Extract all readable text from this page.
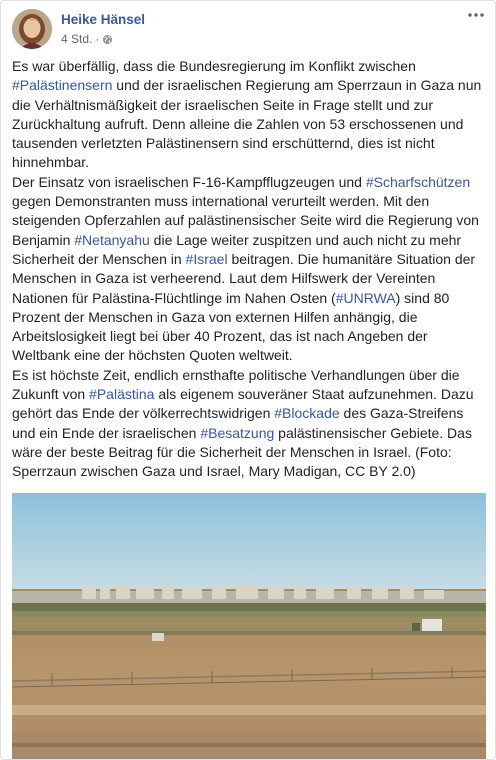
Heike Hänsel
4 Std. ·

Es war überfällig, dass die Bundesregierung im Konflikt zwischen #Palästinensern und der israelischen Regierung am Sperrzaun in Gaza nun die Verhältnismäßigkeit der israelischen Seite in Frage stellt und zur Zurückhaltung aufruft. Denn alleine die Zahlen von 53 erschossenen und tausenden verletzten Palästinensern sind erschütternd, dies ist nicht hinnehmbar.

Der Einsatz von israelischen F-16-Kampfflugzeugen und #Scharfschützen gegen Demonstranten muss international verurteilt werden. Mit den steigenden Opferzahlen auf palästinensischer Seite wird die Regierung von Benjamin #Netanyahu die Lage weiter zuspitzen und auch nicht zu mehr Sicherheit der Menschen in #Israel beitragen. Die humanitäre Situation der Menschen in Gaza ist verheerend. Laut dem Hilfswerk der Vereinten Nationen für Palästina-Flüchtlinge im Nahen Osten (#UNRWA) sind 80 Prozent der Menschen in Gaza von externen Hilfen anhängig, die Arbeitslosigkeit liegt bei über 40 Prozent, das ist nach Angeben der Weltbank eine der höchsten Quoten weltweit.

Es ist höchste Zeit, endlich ernsthafte politische Verhandlungen über die Zukunft von #Palästina als eigenem souveräner Staat aufzunehmen. Dazu gehört das Ende der völkerrechtswidrigen #Blockade des Gaza-Streifens und ein Ende der israelischen #Besatzung palästinensischer Gebiete. Das wäre der beste Beitrag für die Sicherheit der Menschen in Israel. (Foto: Sperrzaun zwischen Gaza und Israel, Mary Madigan, CC BY 2.0)
